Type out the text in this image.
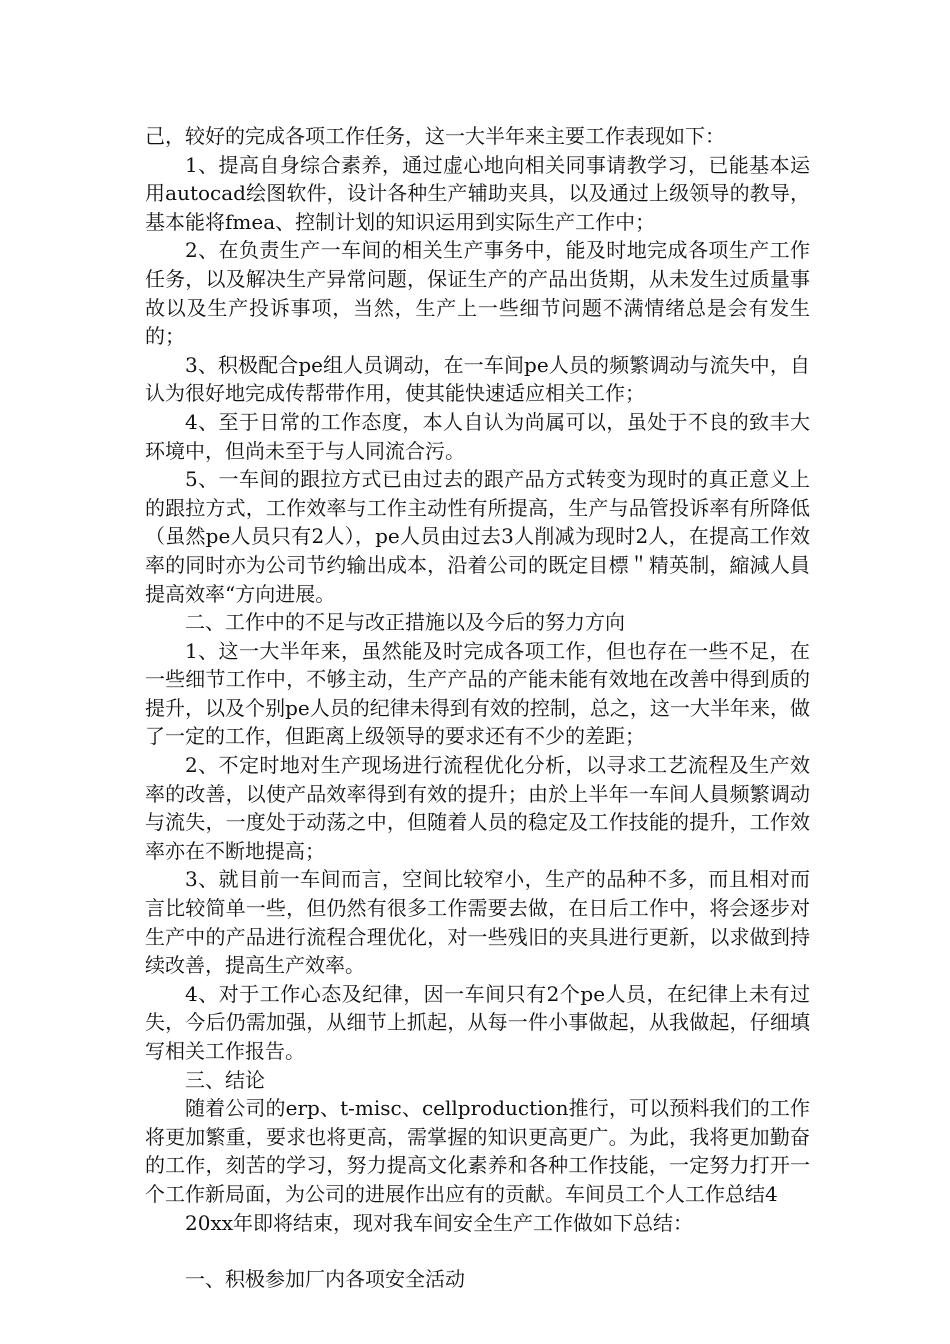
己，较好的完成各项工作任务，这一大半年来主要工作表现如下：

1、提高自身综合素养，通过虚心地向相关同事请教学习，已能基本运用autocad绘图软件，设计各种生产辅助夹具，以及通过上级领导的教导，基本能将fmea、控制计划的知识运用到实际生产工作中；

2、在负责生产一车间的相关生产事务中，能及时地完成各项生产工作任务，以及解决生产异常问题，保证生产的产品出货期，从未发生过质量事故以及生产投诉事项，当然，生产上一些细节问题不满情绪总是会有发生的；

3、积极配合pe组人员调动，在一车间pe人员的频繁调动与流失中，自认为很好地完成传帮带作用，使其能快速适应相关工作；

4、至于日常的工作态度，本人自认为尚属可以，虽处于不良的致丰大环境中，但尚未至于与人同流合污。

5、一车间的跟拉方式已由过去的跟产品方式转变为现时的真正意义上的跟拉方式，工作效率与工作主动性有所提高，生产与品管投诉率有所降低（虽然pe人员只有2人），pe人员由过去3人削减为现时2人，在提高工作效率的同时亦为公司节约输出成本，沿着公司的既定目標＂精英制，縮減人員提高效率“方向进展。

二、工作中的不足与改正措施以及今后的努力方向

1、这一大半年来，虽然能及时完成各项工作，但也存在一些不足，在一些细节工作中，不够主动，生产产品的产能未能有效地在改善中得到质的提升，以及个别pe人员的纪律未得到有效的控制，总之，这一大半年来，做了一定的工作，但距离上级领导的要求还有不少的差距；

2、不定时地对生产现场进行流程优化分析，以寻求工艺流程及生产效率的改善，以使产品效率得到有效的提升；由於上半年一车间人員频繁调动与流失，一度处于动荡之中，但随着人员的稳定及工作技能的提升，工作效率亦在不断地提高；

3、就目前一车间而言，空间比较窄小，生产的品种不多，而且相对而言比较简单一些，但仍然有很多工作需要去做，在日后工作中，将会逐步对生产中的产品进行流程合理优化，对一些残旧的夹具进行更新，以求做到持续改善，提高生产效率。

4、对于工作心态及纪律，因一车间只有2个pe人员，在纪律上未有过失，今后仍需加强，从细节上抓起，从每一件小事做起，从我做起，仔细填写相关工作报告。

三、结论

随着公司的erp、t-misc、cellproduction推行，可以预料我们的工作将更加繁重，要求也将更高，需掌握的知识更高更广。为此，我将更加勤奋的工作，刻苦的学习，努力提高文化素养和各种工作技能，一定努力打开一个工作新局面，为公司的进展作出应有的贡献。车间员工个人工作总结4

20xx年即将结束，现对我车间安全生产工作做如下总结：

一、积极参加厂内各项安全活动
